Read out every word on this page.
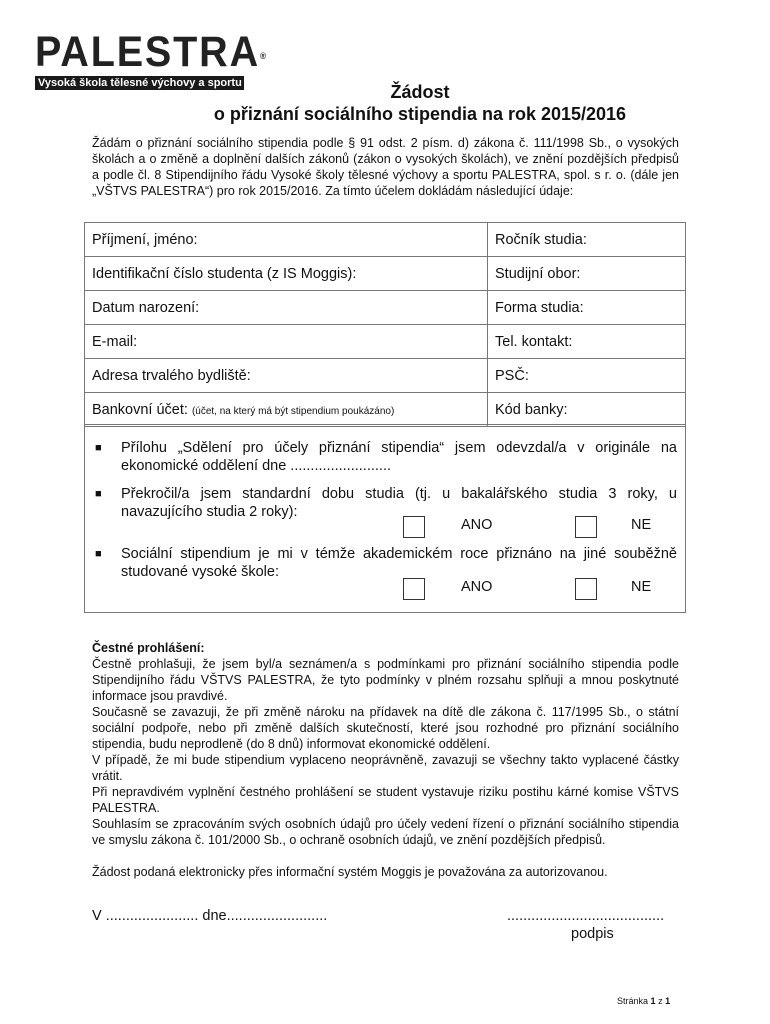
PALESTRA®
Vysoká škola tělesné výchovy a sportu	Žádost
o přiznání sociálního stipendia na rok 2015/2016
Žádám o přiznání sociálního stipendia podle § 91 odst. 2 písm. d) zákona č. 111/1998 Sb., o vysokých školách a o změně a doplnění dalších zákonů (zákon o vysokých školách), ve znění pozdějších předpisů a podle čl. 8 Stipendijního řádu Vysoké školy tělesné výchovy a sportu PALESTRA, spol. s r. o. (dále jen „VŠTVS PALESTRA“) pro rok 2015/2016. Za tímto účelem dokládám následující údaje:
Příjmení, jméno:	Ročník studia:
Identifikační číslo studenta (z IS Moggis):	Studijní obor:
Datum narození:	Forma studia:
E-mail:	Tel. kontakt:
Adresa trvalého bydliště:	PSČ:
Bankovní účet: (účet, na který má být stipendium poukázáno)	Kód banky:
■ Přílohu „Sdělení pro účely přiznání stipendia“ jsem odevzdal/a v originále na ekonomické oddělení dne .........................
■ Překročil/a jsem standardní dobu studia (tj. u bakalářského studia 3 roky, u navazujícího studia 2 roky):
ANO	NE
■ Sociální stipendium je mi v témže akademickém roce přiznáno na jiné souběžně studované vysoké škole:
ANO	NE

Čestné prohlášení:

Čestně prohlašuji, že jsem byl/a seznámen/a s podmínkami pro přiznání sociálního stipendia podle Stipendijního řádu VŠTVS PALESTRA, že tyto podmínky v plném rozsahu splňuji a mnou poskytnuté informace jsou pravdivé.

Současně se zavazuji, že při změně nároku na přídavek na dítě dle zákona č. 117/1995 Sb., o státní sociální podpoře, nebo při změně dalších skutečností, které jsou rozhodné pro přiznání sociálního stipendia, budu neprodleně (do 8 dnů) informovat ekonomické oddělení.

V případě, že mi bude stipendium vyplaceno neoprávněně, zavazuji se všechny takto vyplacené částky vrátit.

Při nepravdivém vyplnění čestného prohlášení se student vystavuje riziku postihu kárné komise VŠTVS PALESTRA.

Souhlasím se zpracováním svých osobních údajů pro účely vedení řízení o přiznání sociálního stipendia ve smyslu zákona č. 101/2000 Sb., o ochraně osobních údajů, ve znění pozdějších předpisů.

Žádost podaná elektronicky přes informační systém Moggis je považována za autorizovanou.

V ....................... dne.........................	.......................................
podpis
Stránka 1 z 1
